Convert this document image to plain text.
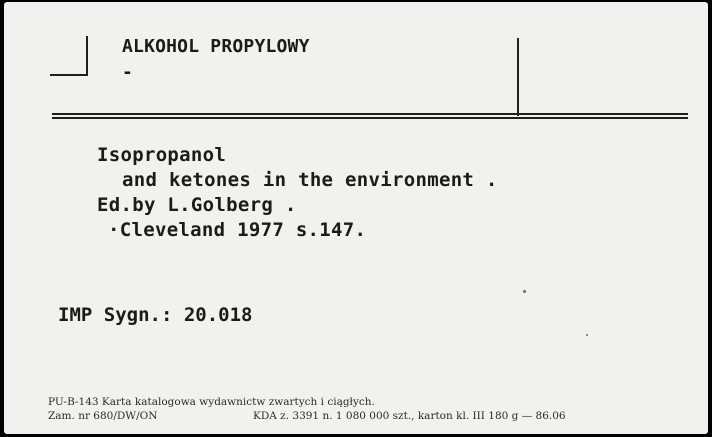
ALKOHOL PROPYLOWY
-
Isopropanol
and ketones in the environment .
Ed.by L.Golberg .
·Cleveland 1977 s.147.
IMP Sygn.: 20.018
PU-B-143 Karta katalogowa wydawnictw zwartych i ciągłych.
Zam. nr 680/DW/ON	KDA z. 3391 n. 1 080 000 szt., karton kl. III 180 g — 86.06
